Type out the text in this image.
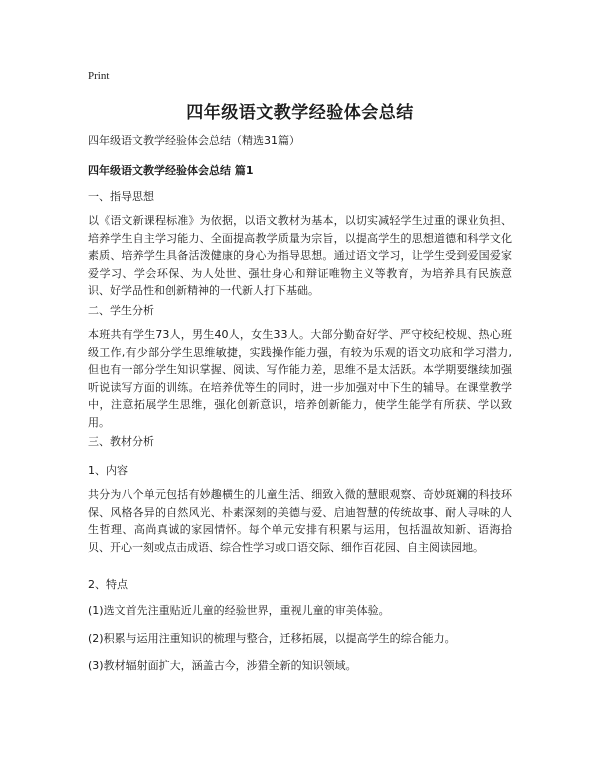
Print
四年级语文教学经验体会总结
四年级语文教学经验体会总结（精选31篇）
四年级语文教学经验体会总结 篇1
一、指导思想
以《语文新课程标准》为依据，以语文教材为基本，以切实减轻学生过重的课业负担、培养学生自主学习能力、全面提高教学质量为宗旨，以提高学生的思想道德和科学文化素质、培养学生具备活泼健康的身心为指导思想。通过语文学习，让学生受到爱国爱家爱学习、学会环保、为人处世、强壮身心和辩证唯物主义等教育，为培养具有民族意识、好学品性和创新精神的一代新人打下基础。
二、学生分析
本班共有学生73人，男生40人，女生33人。大部分勤奋好学、严守校纪校规、热心班级工作,有少部分学生思维敏捷，实践操作能力强，有较为乐观的语文功底和学习潜力,但也有一部分学生知识掌握、阅读、写作能力差，思维不是太活跃。本学期要继续加强听说读写方面的训练。在培养优等生的同时，进一步加强对中下生的辅导。在课堂教学中，注意拓展学生思维，强化创新意识，培养创新能力，使学生能学有所获、学以致用。
三、教材分析
1、内容
共分为八个单元包括有妙趣横生的儿童生活、细致入微的慧眼观察、奇妙斑斓的科技环保、风格各异的自然风光、朴素深刻的美德与爱、启迪智慧的传统故事、耐人寻味的人生哲理、高尚真诚的家园情怀。每个单元安排有积累与运用，包括温故知新、语海拾贝、开心一刻或点击成语、综合性学习或口语交际、细作百花园、自主阅读园地。
2、特点
(1)选文首先注重贴近儿童的经验世界，重视儿童的审美体验。
(2)积累与运用注重知识的梳理与整合，迁移拓展，以提高学生的综合能力。
(3)教材辐射面扩大，涵盖古今，涉猎全新的知识领域。
